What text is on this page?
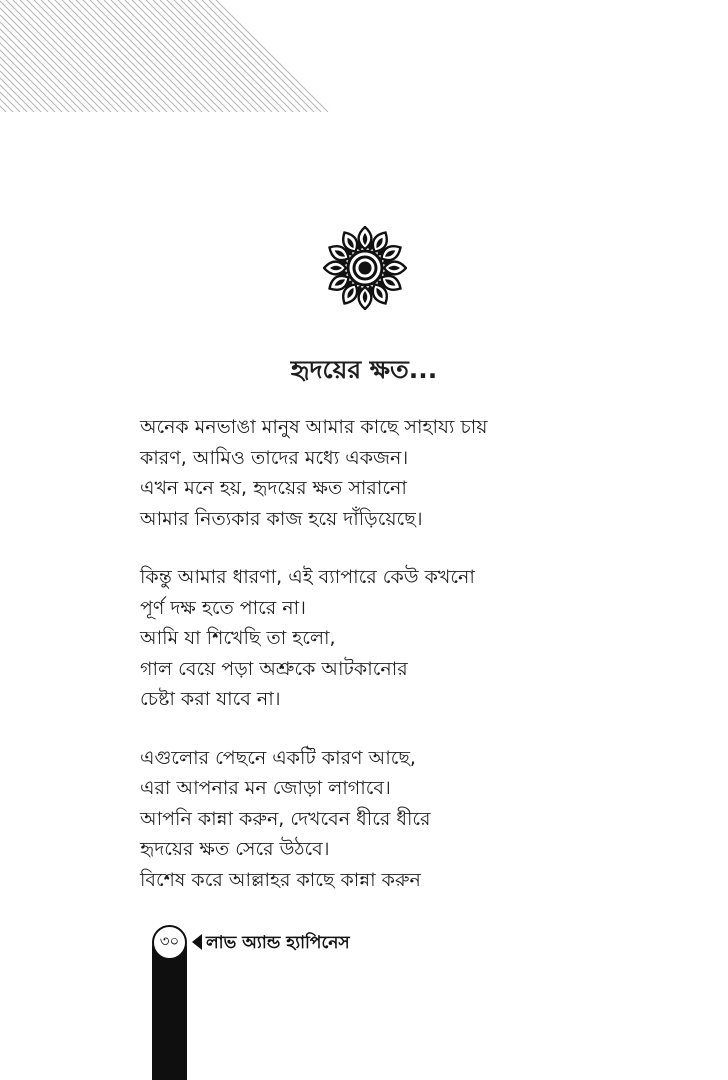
হৃদয়ের ক্ষত...
অনেক মনভাঙা মানুষ আমার কাছে সাহায্য চায়
কারণ, আমিও তাদের মধ্যে একজন।
এখন মনে হয়, হৃদয়ের ক্ষত সারানো
আমার নিত্যকার কাজ হয়ে দাঁড়িয়েছে।
কিন্তু আমার ধারণা, এই ব্যাপারে কেউ কখনো
পূর্ণ দক্ষ হতে পারে না।
আমি যা শিখেছি তা হলো,
গাল বেয়ে পড়া অশ্রুকে আটকানোর
চেষ্টা করা যাবে না।
এগুলোর পেছনে একটি কারণ আছে,
এরা আপনার মন জোড়া লাগাবে।
আপনি কান্না করুন, দেখবেন ধীরে ধীরে
হৃদয়ের ক্ষত সেরে উঠবে।
বিশেষ করে আল্লাহর কাছে কান্না করুন
৩০ লাভ অ্যান্ড হ্যাপিনেস
